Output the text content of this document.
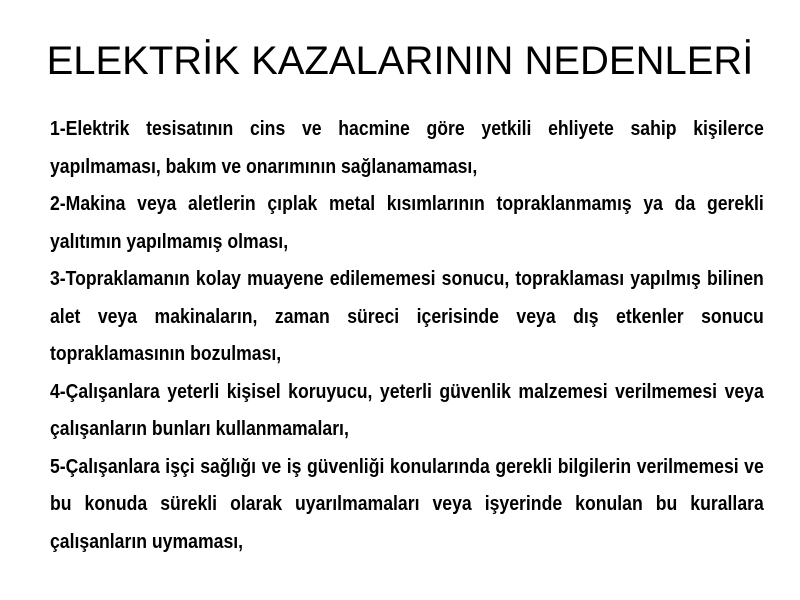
ELEKTRİK KAZALARININ NEDENLERİ
1-Elektrik tesisatının cins ve hacmine göre yetkili ehliyete sahip kişilerce yapılmaması, bakım ve onarımının sağlanamaması,
2-Makina veya aletlerin çıplak metal kısımlarının topraklanmamış ya da gerekli yalıtımın yapılmamış olması,
3-Topraklamanın kolay muayene edilememesi sonucu, topraklaması yapılmış bilinen alet veya makinaların, zaman süreci içerisinde veya dış etkenler sonucu topraklamasının bozulması,
4-Çalışanlara yeterli kişisel koruyucu, yeterli güvenlik malzemesi verilmemesi veya çalışanların bunları kullanmamaları,
5-Çalışanlara işçi sağlığı ve iş güvenliği konularında gerekli bilgilerin verilmemesi ve bu konuda sürekli olarak uyarılmamaları veya işyerinde konulan bu kurallara çalışanların uymaması,
